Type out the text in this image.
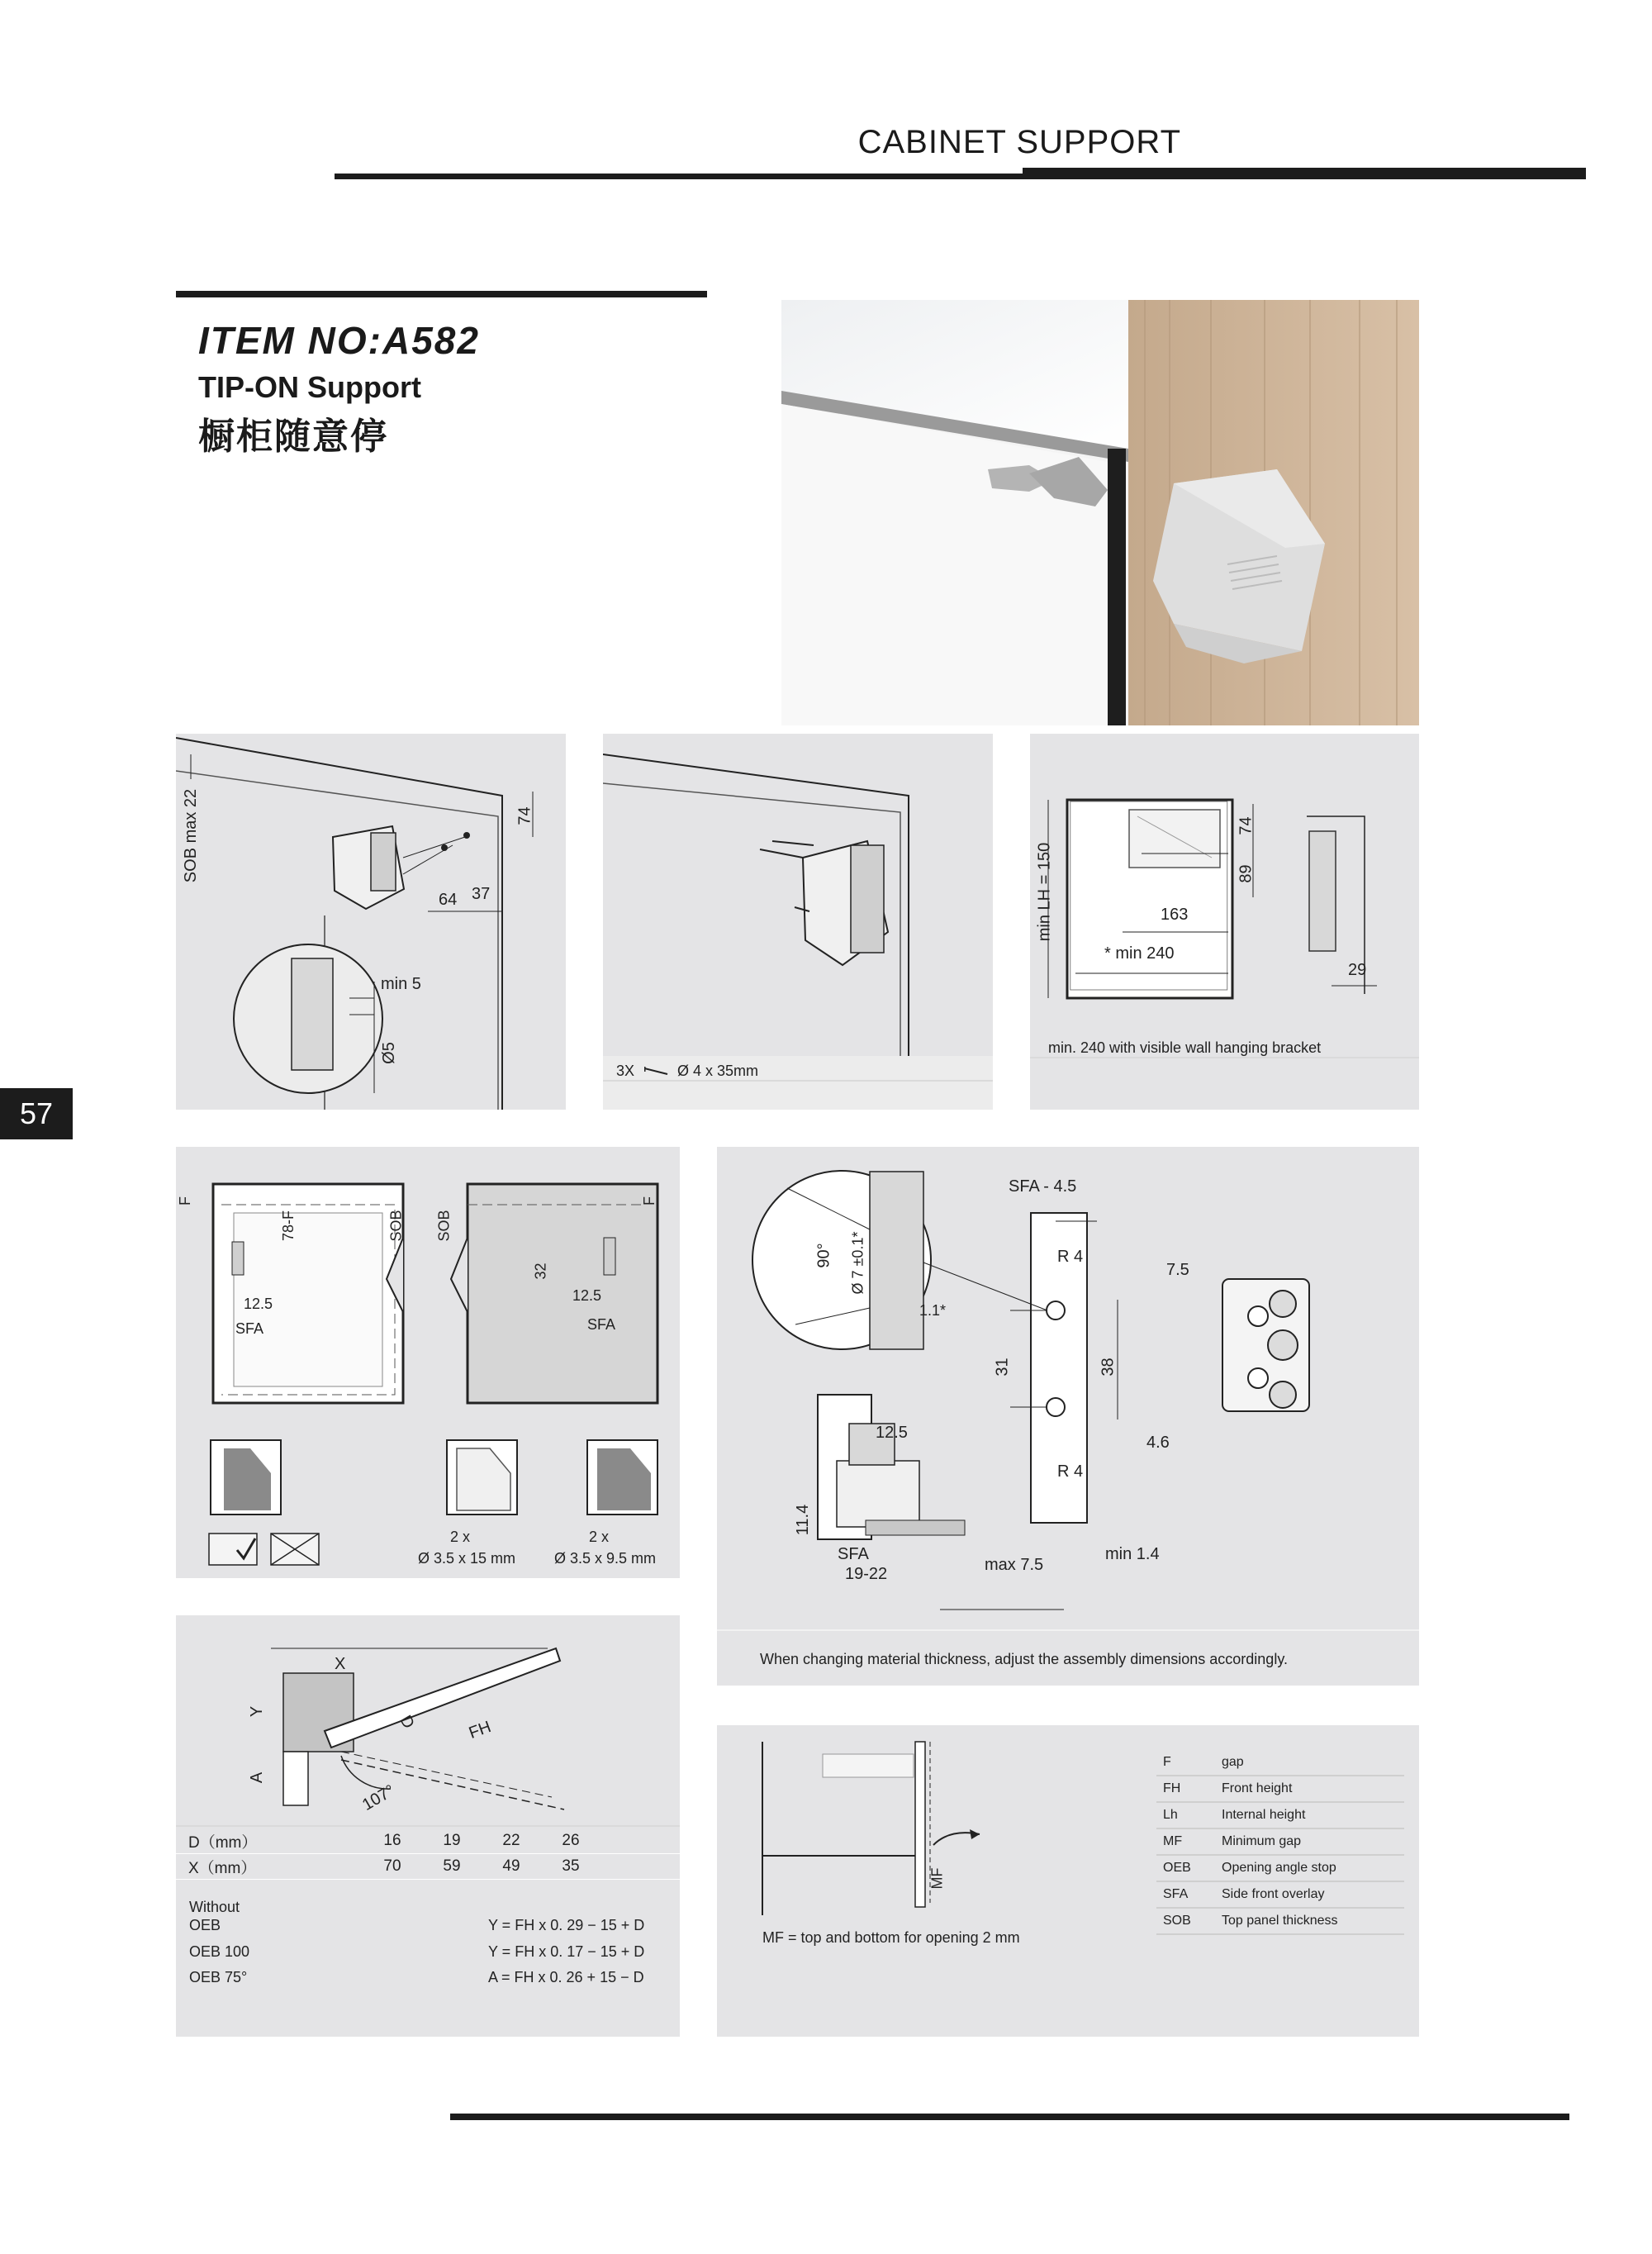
CABINET SUPPORT
ITEM NO:A582
TIP-ON Support
橱柜随意停
57
SOB max 22	74
64 37
min 5
Ø5
3X	Ø 4 x 35mm
min LH = 150
74
89
163
* min 240
29
min. 240 with visible wall hanging bracket
F
78-F	SOB
12.5
SFA
SOB
F
32
12.5
SFA
2 x
Ø 3.5 x 15 mm
2 x
Ø 3.5 x 9.5 mm
90° Ø 7 ±0.1*
1.1*
SFA - 4.5
R 4
R 4
31	38
7.5
4.6
12.5
11.4
SFA
19-22	max 7.5
min 1.4
When changing material thickness, adjust the assembly dimensions accordingly.
X
Y
D	FH
A
107°
D（mm）	16	19	22	26	
X（mm）	70	59	49	35	
Without
OEB	Y = FH x 0. 29 − 15 + D
OEB 100	Y = FH x 0. 17 − 15 + D
OEB 75°	A = FH x 0. 26 + 15 − D
MF
MF = top and bottom for opening 2 mm
F	gap
FH	Front height
Lh	Internal height
MF	Minimum gap
OEB	Opening angle stop
SFA	Side front overlay
SOB	Top panel thickness
